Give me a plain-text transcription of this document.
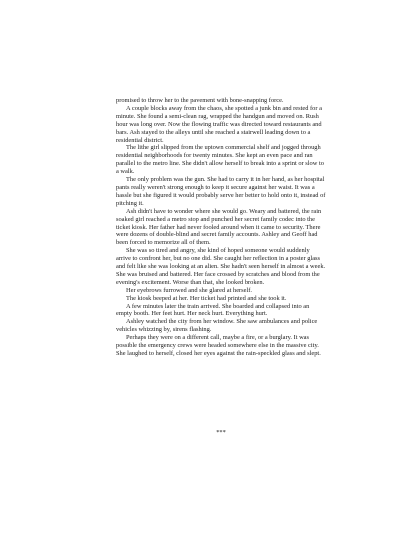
promised to throw her to the pavement with bone-snapping force.

A couple blocks away from the chaos, she spotted a junk bin and rested for a minute. She found a semi-clean rag, wrapped the handgun and moved on. Rush hour was long over. Now the flowing traffic was directed toward restaurants and bars. Ash stayed to the alleys until she reached a stairwell leading down to a residential district.

The lithe girl slipped from the uptown commercial shelf and jogged through residential neighborhoods for twenty minutes. She kept an even pace and ran parallel to the metro line. She didn't allow herself to break into a sprint or slow to a walk.

The only problem was the gun. She had to carry it in her hand, as her hospital pants really weren't strong enough to keep it secure against her waist. It was a hassle but she figured it would probably serve her better to hold onto it, instead of pitching it.

Ash didn't have to wonder where she would go. Weary and battered, the rain soaked girl reached a metro stop and punched her secret family codec into the ticket kiosk. Her father had never fooled around when it came to security. There were dozens of double-blind and secret family accounts. Ashley and Geoff had been forced to memorize all of them.

She was so tired and angry, she kind of hoped someone would suddenly arrive to confront her, but no one did. She caught her reflection in a poster glass and felt like she was looking at an alien. She hadn't seen herself in almost a week. She was bruised and battered. Her face crossed by scratches and blood from the evening's excitement. Worse than that, she looked broken.

Her eyebrows furrowed and she glared at herself.

The kiosk beeped at her. Her ticket had printed and she took it.

A few minutes later the train arrived. She boarded and collapsed into an empty booth. Her feet hurt. Her neck hurt. Everything hurt.

Ashley watched the city from her window. She saw ambulances and police vehicles whizzing by, sirens flashing.

Perhaps they were on a different call, maybe a fire, or a burglary. It was possible the emergency crews were headed somewhere else in the massive city. She laughed to herself, closed her eyes against the rain-speckled glass and slept.

***
